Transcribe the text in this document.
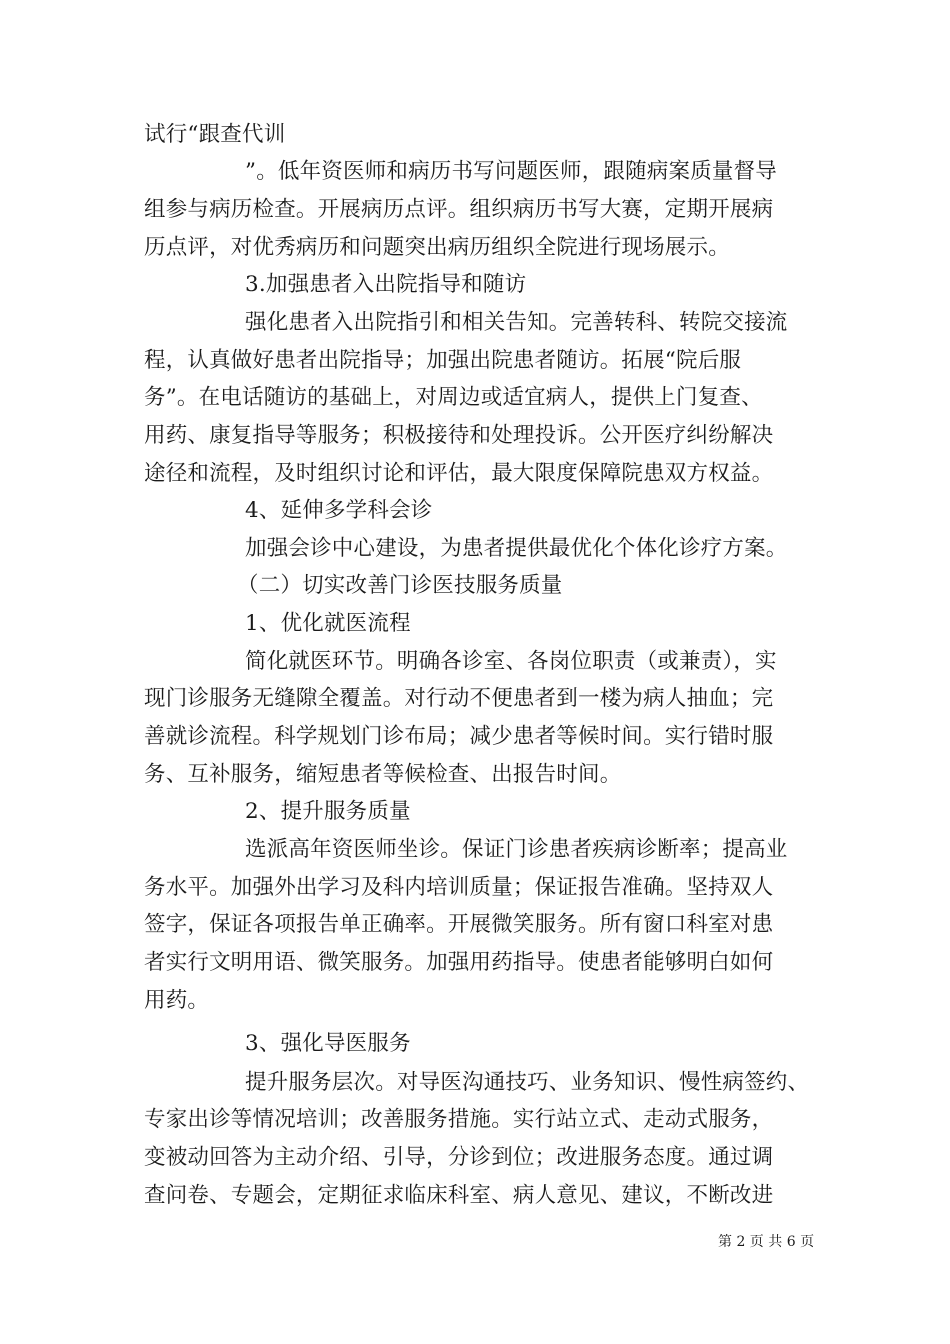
试行“跟查代训
”。低年资医师和病历书写问题医师，跟随病案质量督导
组参与病历检查。开展病历点评。组织病历书写大赛，定期开展病
历点评，对优秀病历和问题突出病历组织全院进行现场展示。
3.加强患者入出院指导和随访
强化患者入出院指引和相关告知。完善转科、转院交接流
程，认真做好患者出院指导；加强出院患者随访。拓展“院后服
务”。在电话随访的基础上，对周边或适宜病人，提供上门复查、
用药、康复指导等服务；积极接待和处理投诉。公开医疗纠纷解决
途径和流程，及时组织讨论和评估，最大限度保障院患双方权益。
4、延伸多学科会诊
加强会诊中心建设，为患者提供最优化个体化诊疗方案。
（二）切实改善门诊医技服务质量
1、优化就医流程
简化就医环节。明确各诊室、各岗位职责（或兼责），实
现门诊服务无缝隙全覆盖。对行动不便患者到一楼为病人抽血；完
善就诊流程。科学规划门诊布局；减少患者等候时间。实行错时服
务、互补服务，缩短患者等候检查、出报告时间。
2、提升服务质量
选派高年资医师坐诊。保证门诊患者疾病诊断率；提高业
务水平。加强外出学习及科内培训质量；保证报告准确。坚持双人
签字，保证各项报告单正确率。开展微笑服务。所有窗口科室对患
者实行文明用语、微笑服务。加强用药指导。使患者能够明白如何
用药。
3、强化导医服务
提升服务层次。对导医沟通技巧、业务知识、慢性病签约、
专家出诊等情况培训；改善服务措施。实行站立式、走动式服务，
变被动回答为主动介绍、引导，分诊到位；改进服务态度。通过调
查问卷、专题会，定期征求临床科室、病人意见、建议，不断改进
第 2 页 共 6 页
